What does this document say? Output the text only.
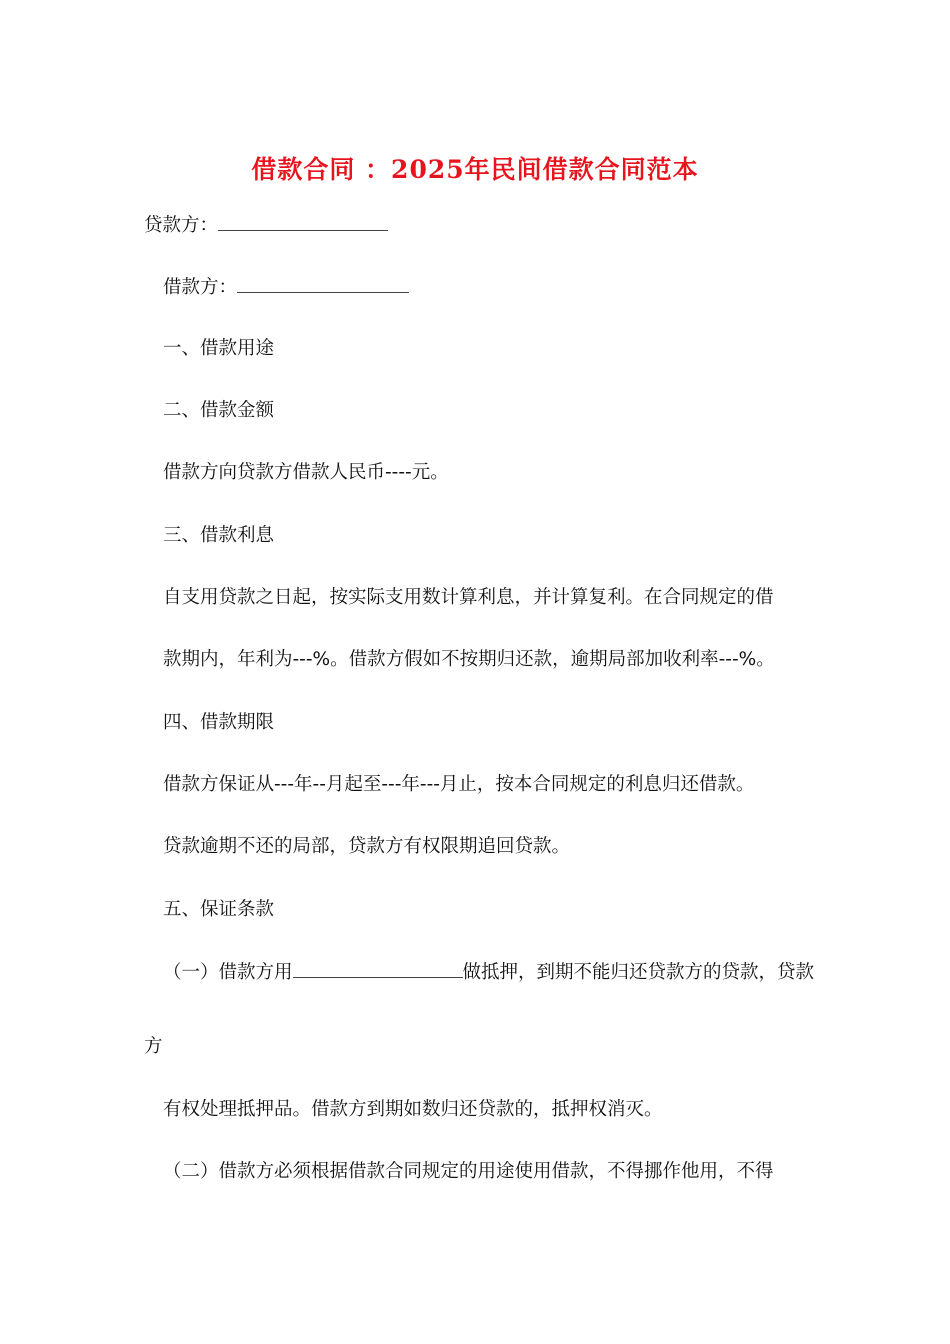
借款合同 ：2025年民间借款合同范本
贷款方：
借款方：
一、借款用途
二、借款金额
借款方向贷款方借款人民币----元。
三、借款利息
自支用贷款之日起，按实际支用数计算利息，并计算复利。在合同规定的借
款期内，年利为---%。借款方假如不按期归还款，逾期局部加收利率---%。
四、借款期限
借款方保证从---年--月起至---年---月止，按本合同规定的利息归还借款。
贷款逾期不还的局部，贷款方有权限期追回贷款。
五、保证条款
（一）借款方用	做抵押，到期不能归还贷款方的贷款，贷款
方
有权处理抵押品。借款方到期如数归还贷款的，抵押权消灭。
（二）借款方必须根据借款合同规定的用途使用借款，不得挪作他用，不得
